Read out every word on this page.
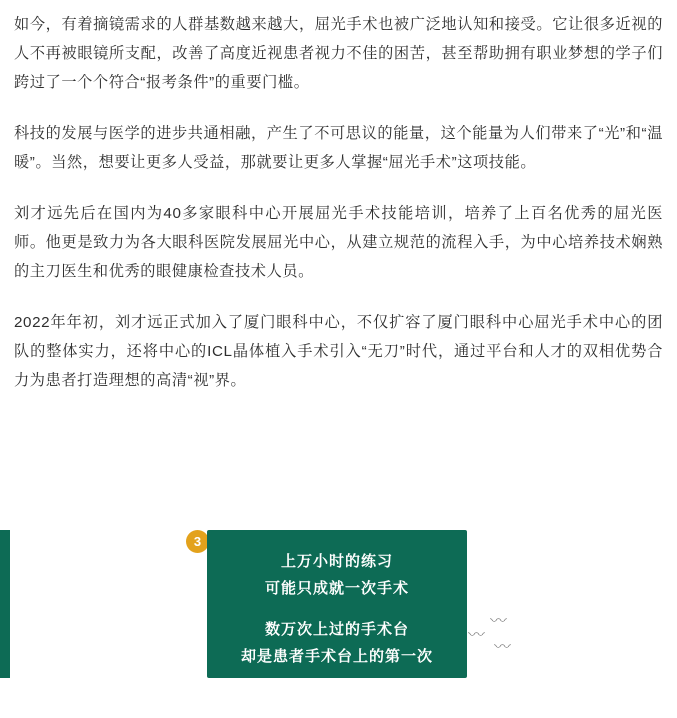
如今，有着摘镜需求的人群基数越来越大，屈光手术也被广泛地认知和接受。它让很多近视的人不再被眼镜所支配，改善了高度近视患者视力不佳的困苦，甚至帮助拥有职业梦想的学子们跨过了一个个符合“报考条件”的重要门槛。

科技的发展与医学的进步共通相融，产生了不可思议的能量，这个能量为人们带来了“光”和“温暖”。当然，想要让更多人受益，那就要让更多人掌握“屈光手术”这项技能。

刘才远先后在国内为40多家眼科中心开展屈光手术技能培训，培养了上百名优秀的屈光医师。他更是致力为各大眼科医院发展屈光中心，从建立规范的流程入手，为中心培养技术娴熟的主刀医生和优秀的眼健康检查技术人员。

2022年年初，刘才远正式加入了厦门眼科中心，不仅扩容了厦门眼科中心屈光手术中心的团队的整体实力，还将中心的ICL晶体植入手术引入“无刀”时代，通过平台和人才的双相优势合力为患者打造理想的高清“视”界。

3
上万小时的练习
可能只成就一次手术
数万次上过的手术台
却是患者手术台上的第一次
〰
〰
〰
